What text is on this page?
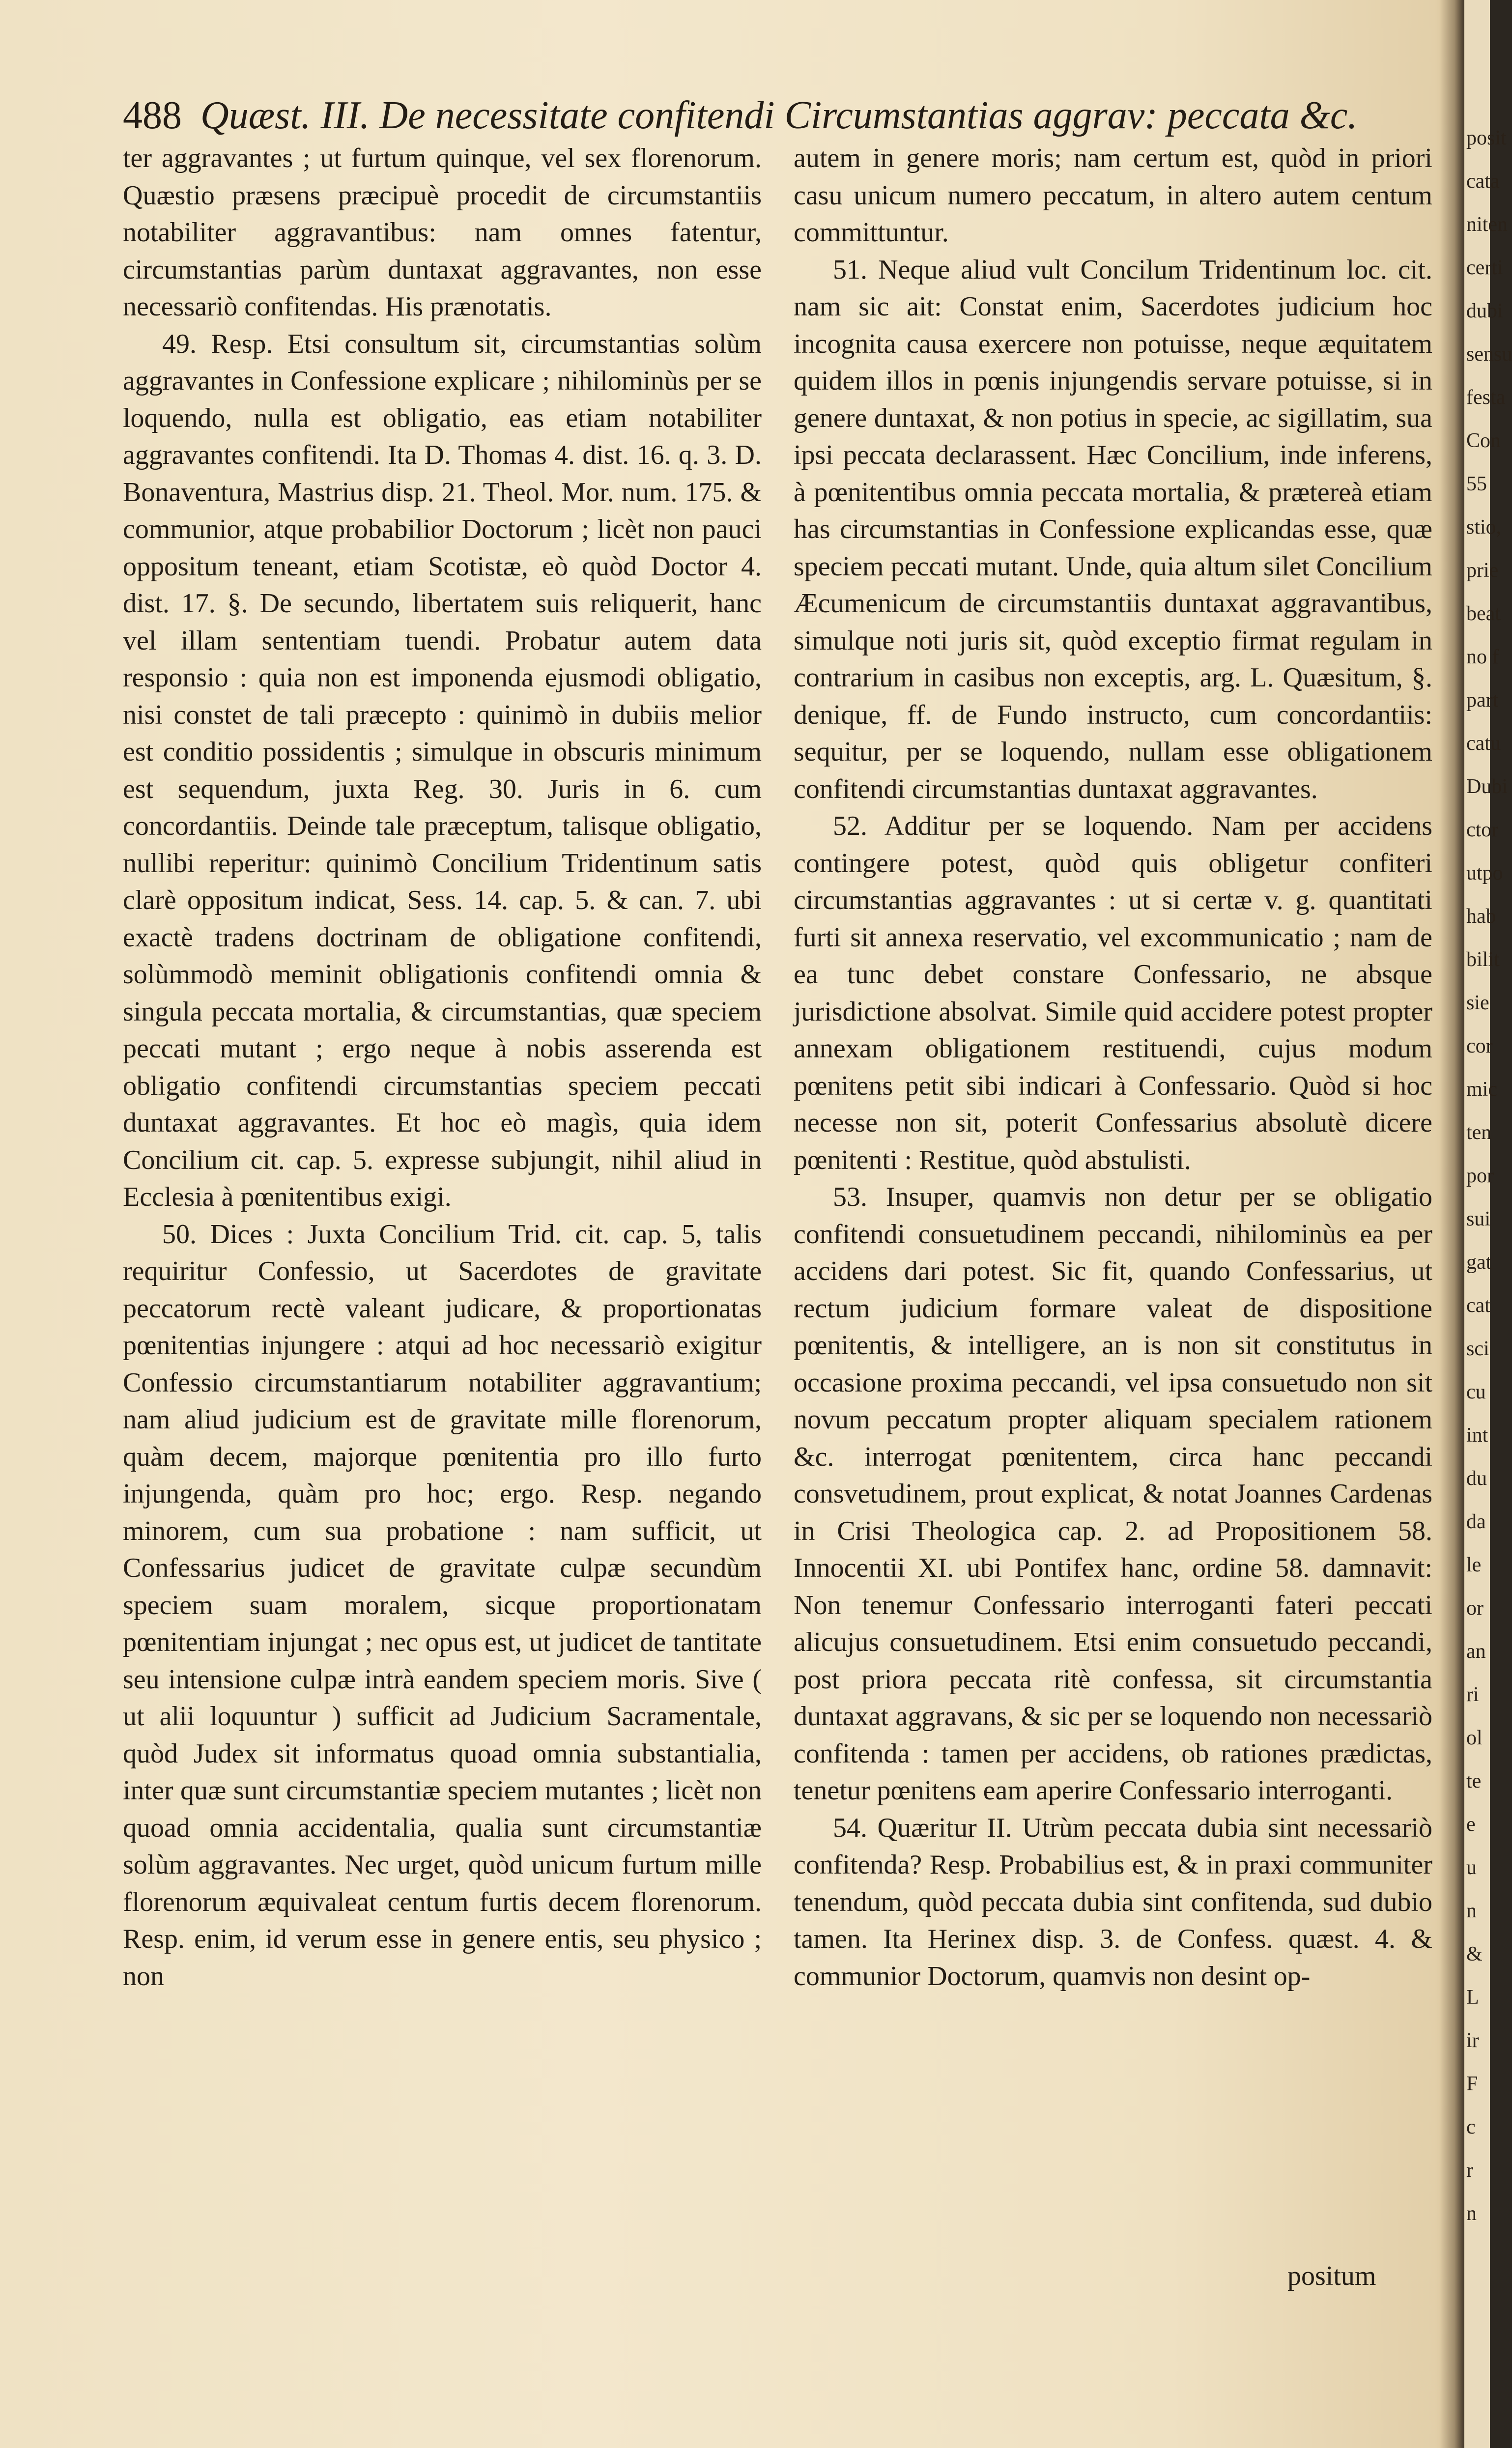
488 Quæst. III. De necessitate confitendi Circumstantias aggrav: peccata &c.

ter aggravantes ; ut furtum quinque, vel sex florenorum. Quæstio præsens præcipuè procedit de circumstantiis notabiliter aggravantibus: nam omnes fatentur, circumstantias parùm duntaxat aggravantes, non esse necessariò confitendas. His prænotatis.

49. Resp. Etsi consultum sit, circumstantias solùm aggravantes in Confessione explicare ; nihilominùs per se loquendo, nulla est obligatio, eas etiam notabiliter aggravantes confitendi. Ita D. Thomas 4. dist. 16. q. 3. D. Bonaventura, Mastrius disp. 21. Theol. Mor. num. 175. & communior, atque probabilior Doctorum ; licèt non pauci oppositum teneant, etiam Scotistæ, eò quòd Doctor 4. dist. 17. §. De secundo, libertatem suis reliquerit, hanc vel illam sententiam tuendi. Probatur autem data responsio : quia non est imponenda ejusmodi obligatio, nisi constet de tali præcepto : quinimò in dubiis melior est conditio possidentis ; simulque in obscuris minimum est sequendum, juxta Reg. 30. Juris in 6. cum concordantiis. Deinde tale præceptum, talisque obligatio, nullibi reperitur: quinimò Concilium Tridentinum satis clarè oppositum indicat, Sess. 14. cap. 5. & can. 7. ubi exactè tradens doctrinam de obligatione confitendi, solùmmodò meminit obligationis confitendi omnia & singula peccata mortalia, & circumstantias, quæ speciem peccati mutant ; ergo neque à nobis asserenda est obligatio confitendi circumstantias speciem peccati duntaxat aggravantes. Et hoc eò magìs, quia idem Concilium cit. cap. 5. expresse subjungit, nihil aliud in Ecclesia à pœnitentibus exigi.

50. Dices : Juxta Concilium Trid. cit. cap. 5, talis requiritur Confessio, ut Sacerdotes de gravitate peccatorum rectè valeant judicare, & proportionatas pœnitentias injungere : atqui ad hoc necessariò exigitur Confessio circumstantiarum notabiliter aggravantium; nam aliud judicium est de gravitate mille florenorum, quàm decem, majorque pœnitentia pro illo furto injungenda, quàm pro hoc; ergo. Resp. negando minorem, cum sua probatione : nam sufficit, ut Confessarius judicet de gravitate culpæ secundùm speciem suam moralem, sicque proportionatam pœnitentiam injungat ; nec opus est, ut judicet de tantitate seu intensione culpæ intrà eandem speciem moris. Sive ( ut alii loquuntur ) sufficit ad Judicium Sacramentale, quòd Judex sit informatus quoad omnia substantialia, inter quæ sunt circumstantiæ speciem mutantes ; licèt non quoad omnia accidentalia, qualia sunt circumstantiæ solùm aggravantes. Nec urget, quòd unicum furtum mille florenorum æquivaleat centum furtis decem florenorum. Resp. enim, id verum esse in genere entis, seu physico ; non

autem in genere moris; nam certum est, quòd in priori casu unicum numero peccatum, in altero autem centum committuntur.

51. Neque aliud vult Concilum Tridentinum loc. cit. nam sic ait: Constat enim, Sacerdotes judicium hoc incognita causa exercere non potuisse, neque æquitatem quidem illos in pœnis injungendis servare potuisse, si in genere duntaxat, & non potius in specie, ac sigillatim, sua ipsi peccata declarassent. Hæc Concilium, inde inferens, à pœnitentibus omnia peccata mortalia, & prætereà etiam has circumstantias in Confessione explicandas esse, quæ speciem peccati mutant. Unde, quia altum silet Concilium Æcumenicum de circumstantiis duntaxat aggravantibus, simulque noti juris sit, quòd exceptio firmat regulam in contrarium in casibus non exceptis, arg. L. Quæsitum, §. denique, ff. de Fundo instructo, cum concordantiis: sequitur, per se loquendo, nullam esse obligationem confitendi circumstantias duntaxat aggravantes.

52. Additur per se loquendo. Nam per accidens contingere potest, quòd quis obligetur confiteri circumstantias aggravantes : ut si certæ v. g. quantitati furti sit annexa reservatio, vel excommunicatio ; nam de ea tunc debet constare Confessario, ne absque jurisdictione absolvat. Simile quid accidere potest propter annexam obligationem restituendi, cujus modum pœnitens petit sibi indicari à Confessario. Quòd si hoc necesse non sit, poterit Confessarius absolutè dicere pœnitenti : Restitue, quòd abstulisti.

53. Insuper, quamvis non detur per se obligatio confitendi consuetudinem peccandi, nihilominùs ea per accidens dari potest. Sic fit, quando Confessarius, ut rectum judicium formare valeat de dispositione pœnitentis, & intelligere, an is non sit constitutus in occasione proxima peccandi, vel ipsa consuetudo non sit novum peccatum propter aliquam specialem rationem &c. interrogat pœnitentem, circa hanc peccandi consvetudinem, prout explicat, & notat Joannes Cardenas in Crisi Theologica cap. 2. ad Propositionem 58. Innocentii XI. ubi Pontifex hanc, ordine 58. damnavit: Non tenemur Confessario interroganti fateri peccati alicujus consuetudinem. Etsi enim consuetudo peccandi, post priora peccata ritè confessa, sit circumstantia duntaxat aggravans, & sic per se loquendo non necessariò confitenda : tamen per accidens, ob rationes prædictas, tenetur pœnitens eam aperire Confessario interroganti.

54. Quæritur II. Utrùm peccata dubia sint necessariò confitenda? Resp. Probabilius est, & in praxi communiter tenendum, quòd peccata dubia sint confitenda, sud dubio tamen. Ita Herinex disp. 3. de Confess. quæst. 4. & communior Doctorum, quamvis non desint op-

positum
posit
cata
niten
certi
dubi
sensu
festa
Con
55
stio,
prie
beat
no f
part
catu
Dubi
ctor
utpo
hab
bilit
sie
cor
mic
ten
por
sui
gat
cat
sci
cu
int
du
da
le
or
an
ri
ol
te
e
u
n
&
L
ir
F
c
r
n
